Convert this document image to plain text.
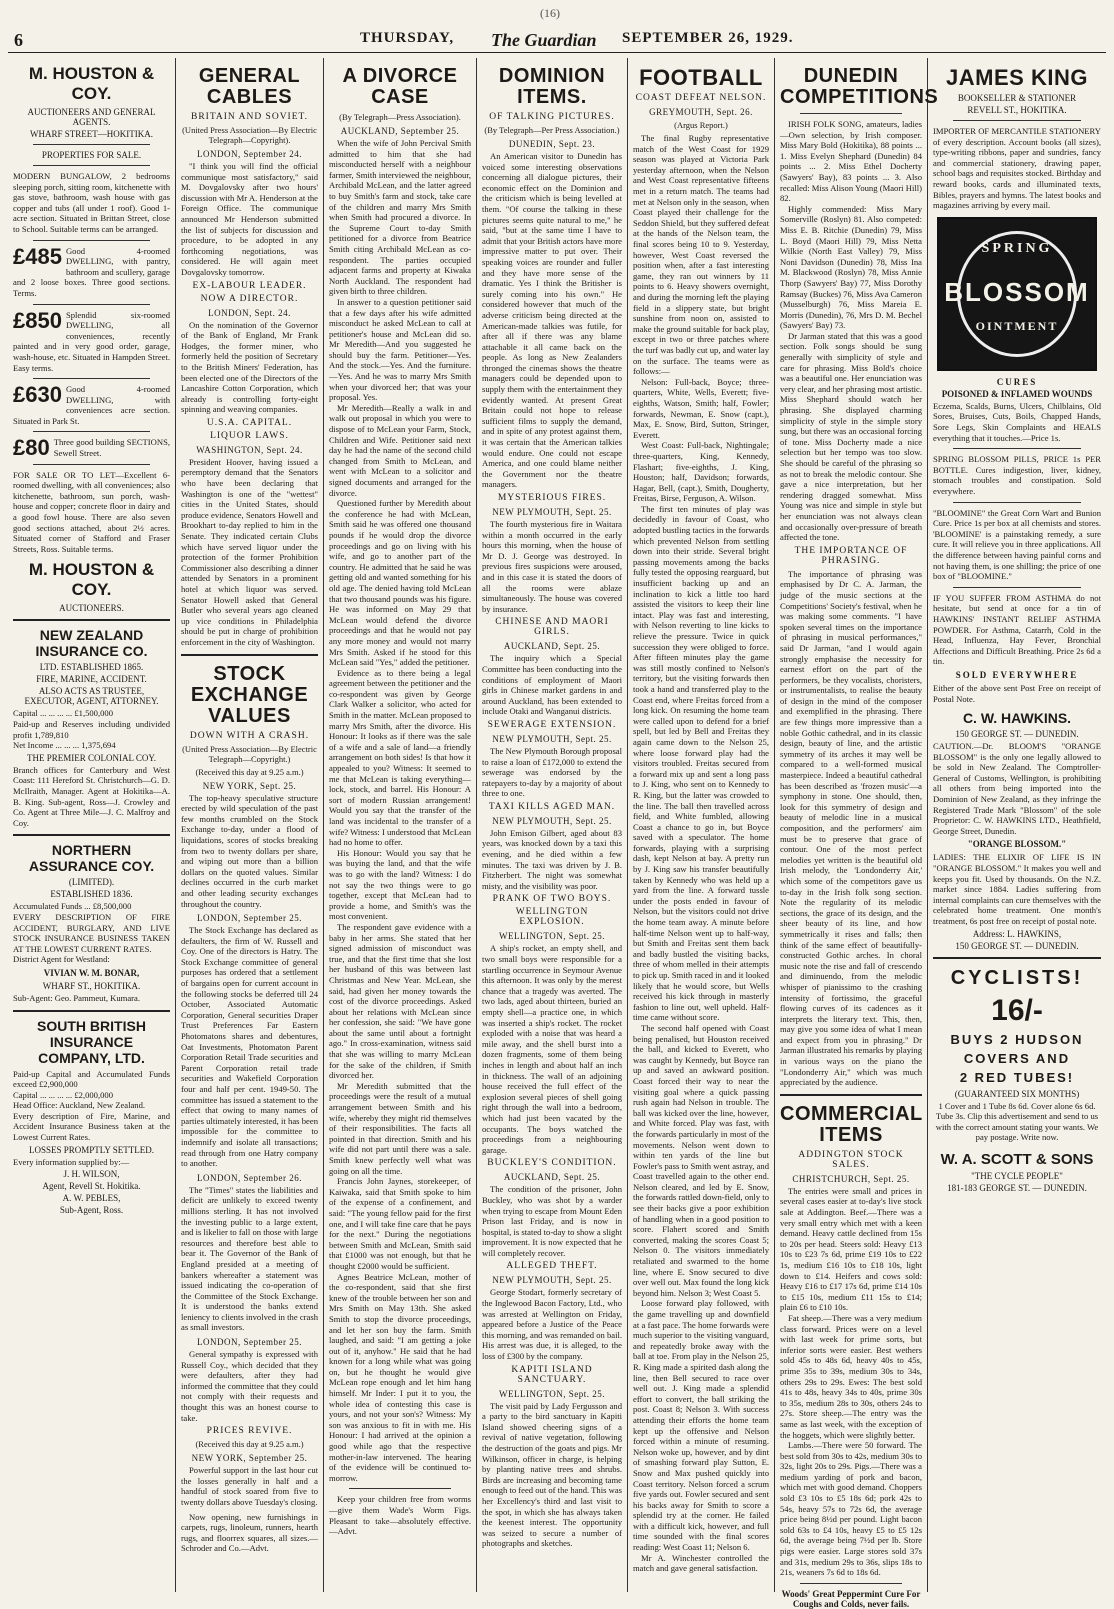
(16)
6	THURSDAY, The Guardian SEPTEMBER 26, 1929.
M. HOUSTON & COY.
AUCTIONEERS AND GENERAL AGENTS.
WHARF STREET—HOKITIKA.
PROPERTIES FOR SALE.

MODERN BUNGALOW, 2 bedrooms sleeping porch, sitting room, kitchenette with gas stove, bathroom, wash house with gas copper and tubs (all under 1 roof). Good 1-acre section. Situated in Brittan Street, close to School. Suitable terms can be arranged.

£485 Good 4-roomed DWELLING, with pantry, bathroom and scullery, garage and 2 loose boxes. Three good sections. Terms.

£850 Splendid six-roomed DWELLING, all conveniences, recently painted and in very good order, garage, wash-house, etc. Situated in Hampden Street. Easy terms.

£630 Good 4-roomed DWELLING, with conveniences acre section. Situated in Park St.

£80 Three good building SECTIONS, Sewell Street.

FOR SALE OR TO LET—Excellent 6-roomed dwelling, with all conveniences; also kitchenette, bathroom, sun porch, wash-house and copper; concrete floor in dairy and a good fowl house. There are also seven good sections attached, about 2½ acres. Situated corner of Stafford and Fraser Streets, Ross. Suitable terms.

M. HOUSTON & COY.
AUCTIONEERS.
NEW ZEALAND INSURANCE CO.
LTD. ESTABLISHED 1865.
FIRE, MARINE, ACCIDENT.
ALSO ACTS AS TRUSTEE, EXECUTOR, AGENT, ATTORNEY.

Capital ... ... ... ... £1,500,000

Paid-up and Reserves including undivided profit 1,789,810

Net Income ... ... ... 1,375,694

THE PREMIER COLONIAL COY.

Branch offices for Canterbury and West Coast: 111 Hereford St. Christchurch—G. D. McIlraith, Manager. Agent at Hokitika—A. B. King. Sub-agent, Ross—J. Crowley and Co. Agent at Three Mile—J. C. Malfroy and Coy.

NORTHERN ASSURANCE COY.
(LIMITED).
ESTABLISHED 1836.

Accumulated Funds ... £8,500,000

EVERY DESCRIPTION OF FIRE ACCIDENT, BURGLARY, AND LIVE STOCK INSURANCE BUSINESS TAKEN AT THE LOWEST CURRENT RATES.

District Agent for Westland:

VIVIAN W. M. BONAR,
WHARF ST., HOKITIKA.

Sub-Agent: Geo. Pammeut, Kumara.

SOUTH BRITISH INSURANCE COMPANY, LTD.

Paid-up Capital and Accumulated Funds exceed £2,900,000

Capital ... ... ... ... £2,000,000

Head Office: Auckland, New Zealand.

Every description of Fire, Marine, and Accident Insurance Business taken at the Lowest Current Rates.

LOSSES PROMPTLY SETTLED.

Every information supplied by:—

J. H. WILSON,
Agent, Revell St. Hokitika.
A. W. PEBLES,
Sub-Agent, Ross.
GENERAL CABLES
BRITAIN AND SOVIET.
(United Press Association—By Electric Telegraph—Copyright).
LONDON, September 24.

"I think you will find the official communique most satisfactory," said M. Dovgalovsky after two hours' discussion with Mr A. Henderson at the Foreign Office. The communique announced Mr Henderson submitted the list of subjects for discussion and procedure, to be adopted in any forthcoming negotiations, was considered. He will again meet Dovgalovsky tomorrow.

EX-LABOUR LEADER.
NOW A DIRECTOR.
LONDON, Sept. 24.

On the nomination of the Governor of the Bank of England, Mr Frank Hodges, the former miner, who formerly held the position of Secretary to the British Miners' Federation, has been elected one of the Directors of the Lancashire Cotton Corporation, which already is controlling forty-eight spinning and weaving companies.

U.S.A. CAPITAL.
LIQUOR LAWS.
WASHINGTON, Sept. 24.

President Hoover, having issued a peremptory demand that the Senators who have been declaring that Washington is one of the "wettest" cities in the United States, should produce evidence, Senators Howell and Brookhart to-day replied to him in the Senate. They indicated certain Clubs which have served liquor under the protection of the former Prohibition Commissioner also describing a dinner attended by Senators in a prominent hotel at which liquor was served. Senator Howell asked that General Butler who several years ago cleaned up vice conditions in Philadelphia should be put in charge of prohibition enforcement in the city of Washington.

STOCK EXCHANGE VALUES
DOWN WITH A CRASH.
(United Press Association—By Electric Telegraph—Copyright.)
(Received this day at 9.25 a.m.)
NEW YORK, Sept. 25.

The top-heavy speculative structure erected by wild speculation of the past few months crumbled on the Stock Exchange to-day, under a flood of liquidations, scores of stocks breaking from two to twenty dollars per share, and wiping out more than a billion dollars on the quoted values. Similar declines occurred in the curb market and other leading security exchanges throughout the country.

LONDON, September 25.

The Stock Exchange has declared as defaulters, the firm of W. Russell and Coy. One of the directors is Hatry. The Stock Exchange committee of general purposes has ordered that a settlement of bargains open for current account in the following stocks be deferred till 24 October, Associated Automatic Corporation, General securities Draper Trust Preferences Far Eastern Photomatons shares and debentures, Oat Investments, Photomaton Parent Corporation Retail Trade securities and Parent Corporation retail trade securities and Wakefield Corporation four and half per cent. 1949-50. The committee has issued a statement to the effect that owing to many names of parties ultimately interested, it has been impossible for the committee to indemnify and isolate all transactions; read through from one Hatry company to another.

LONDON, September 26.

The "Times" states the liabilities and deficit are unlikely to exceed twenty millions sterling. It has not involved the investing public to a large extent, and is likelier to fall on those with large resources and therefore best able to bear it. The Governor of the Bank of England presided at a meeting of bankers whereafter a statement was issued indicating the co-operation of the Committee of the Stock Exchange. It is understood the banks extend leniency to clients involved in the crash as small investors.

LONDON, September 25.

General sympathy is expressed with Russell Coy., which decided that they were defaulters, after they had informed the committee that they could not comply with their requests and thought this was an honest course to take.

PRICES REVIVE.
(Received this day at 9.25 a.m.)
NEW YORK, September 25.

Powerful support in the last hour cut the losses generally in half and a handful of stock soared from five to twenty dollars above Tuesday's closing.

Now opening, new furnishings in carpets, rugs, linoleum, runners, hearth rugs, and floorrex squares, all sizes.—Schroder and Co.—Advt.

A DIVORCE CASE
(By Telegraph—Press Association).
AUCKLAND, September 25.

When the wife of John Percival Smith admitted to him that she had misconducted herself with a neighbour farmer, Smith interviewed the neighbour, Archibald McLean, and the latter agreed to buy Smith's farm and stock, take care of the children and marry Mrs Smith when Smith had procured a divorce. In the Supreme Court to-day Smith petitioned for a divorce from Beatrice Smith citing Archibald McLean as co-respondent. The parties occupied adjacent farms and property at Kiwaka North Auckland. The respondent had given birth to three children.

In answer to a question petitioner said that a few days after his wife admitted misconduct he asked McLean to call at petitioner's house and McLean did so. Mr Meredith—And you suggested he should buy the farm. Petitioner—Yes. And the stock.—Yes. And the furniture.—Yes. And he was to marry Mrs Smith when your divorced her; that was your proposal. Yes.

Mr Meredith—Really a walk in and walk out proposal in which you were to dispose of to McLean your Farm, Stock, Children and Wife. Petitioner said next day he had the name of the second child changed from Smith to McLean, and went with McLean to a solicitor and signed documents and arranged for the divorce.

Questioned further by Meredith about the conference he had with McLean, Smith said he was offered one thousand pounds if he would drop the divorce proceedings and go on living with his wife, and go to another part of the country. He admitted that he said he was getting old and wanted something for his old age. The denied having told McLean that two thousand pounds was his figure. He was informed on May 29 that McLean would defend the divorce proceedings and that he would not pay any more money and would not marry Mrs Smith. Asked if he stood for this McLean said "Yes," added the petitioner.

Evidence as to there being a legal agreement between the petitioner and the co-respondent was given by George Clark Walker a solicitor, who acted for Smith in the matter. McLean proposed to marry Mrs Smith, after the divorce. His Honour: It looks as if there was the sale of a wife and a sale of land—a friendly arrangement on both sides! Is that how it appealed to you? Witness: It seemed to me that McLean is taking everything—lock, stock, and barrel. His Honour: A sort of modern Russian arrangement! Would you say that the transfer of the land was incidental to the transfer of a wife? Witness: I understood that McLean had no home to offer.

His Honour: Would you say that he was buying the land, and that the wife was to go with the land? Witness: I do not say the two things were to go together, except that McLean had to provide a home, and Smith's was the most convenient.

The respondent gave evidence with a baby in her arms. She stated that her signed admission of misconduct was true, and that the first time that she lost her husband of this was between last Christmas and New Year. McLean, she said, had given her money towards the cost of the divorce proceedings. Asked about her relations with McLean since her confession, she said: "We have gone about the same until about a fortnight ago." In cross-examination, witness said that she was willing to marry McLean for the sake of the children, if Smith divorced her.

Mr Meredith submitted that the proceedings were the result of a mutual arrangement between Smith and his wife, whereby they might rid themselves of their responsibilities. The facts all pointed in that direction. Smith and his wife did not part until there was a sale. Smith knew perfectly well what was going on all the time.

Francis John Jaynes, storekeeper, of Kaiwaka, said that Smith spoke to him of the expense of a confinement, and said: "The young fellow paid for the first one, and I will take fine care that he pays for the next." During the negotiations between Smith and McLean, Smith said that £1000 was not enough, but that he thought £2000 would be sufficient.

Agnes Beatrice McLean, mother of the co-respondent, said that she first knew of the trouble between her son and Mrs Smith on May 13th. She asked Smith to stop the divorce proceedings, and let her son buy the farm. Smith laughed, and said: "I am getting a joke out of it, anyhow." He said that he had known for a long while what was going on, but he thought he would give McLean rope enough and let him hang himself. Mr Inder: I put it to you, the whole idea of contesting this case is yours, and not your son's? Witness: My son was anxious to fit in with me. His Honour: I had arrived at the opinion a good while ago that the respective mother-in-law intervened. The hearing of the evidence will be continued to-morrow.

Keep your children free from worms —give them Wade's Worm Figs. Pleasant to take—absolutely effective. —Advt.

DOMINION ITEMS.
OF TALKING PICTURES.
(By Telegraph—Per Press Association.)
DUNEDIN, Sept. 23.

An American visitor to Dunedin has voiced some interesting observations concerning all dialogue pictures, their economic effect on the Dominion and the criticism which is being levelled at them. "Of course the talking in these pictures seems quite natural to me," he said, "but at the same time I have to admit that your British actors have more impressive matter to put over. Their speaking voices are rounder and fuller and they have more sense of the dramatic. Yes I think the Britisher is surely coming into his own." He considered however that much of the adverse criticism being directed at the American-made talkies was futile, for after all if there was any blame attachable it all came back on the people. As long as New Zealanders thronged the cinemas shows the theatre managers could be depended upon to supply them with the entertainment they evidently wanted. At present Great Britain could not hope to release sufficient films to supply the demand, and in spite of any protest against them, it was certain that the American talkies would endure. One could not escape America, and one could blame neither the Government nor the theatre managers.

MYSTERIOUS FIRES.
NEW PLYMOUTH, Sept. 25.

The fourth mysterious fire in Waitara within a month occurred in the early hours this morning, when the house of Mr D. J. George was destroyed. In previous fires suspicions were aroused, and in this case it is stated the doors of all the rooms were ablaze simultaneously. The house was covered by insurance.

CHINESE AND MAORI GIRLS.
AUCKLAND, Sept. 25.

The inquiry which a Special Committee has been conducting into the conditions of employment of Maori girls in Chinese market gardens in and around Auckland, has been extended to include Otaki and Wanganui districts.

SEWERAGE EXTENSION.
NEW PLYMOUTH, Sept. 25.

The New Plymouth Borough proposal to raise a loan of £172,000 to extend the sewerage was endorsed by the ratepayers to-day by a majority of about three to one.

TAXI KILLS AGED MAN.
NEW PLYMOUTH, Sept. 25.

John Emison Gilbert, aged about 83 years, was knocked down by a taxi this evening, and he died within a few minutes. The taxi was driven by J. B. Fitzherbert. The night was somewhat misty, and the visibility was poor.

PRANK OF TWO BOYS.
WELLINGTON EXPLOSION.
WELLINGTON, Sept. 25.

A ship's rocket, an empty shell, and two small boys were responsible for a startling occurrence in Seymour Avenue this afternoon. It was only by the merest chance that a tragedy was averted. The two lads, aged about thirteen, buried an empty shell—a practice one, in which was inserted a ship's rocket. The rocket exploded with a noise that was heard a mile away, and the shell burst into a dozen fragments, some of them being inches in length and about half an inch in thickness. The wall of an adjoining house received the full effect of the explosion several pieces of shell going right through the wall into a bedroom, which had just been vacated by the occupants. The boys watched the proceedings from a neighbouring garage.

BUCKLEY'S CONDITION.
AUCKLAND, Sept. 25.

The condition of the prisoner, John Buckley, who was shot by a warder when trying to escape from Mount Eden Prison last Friday, and is now in hospital, is stated to-day to show a slight improvement. It is now expected that he will completely recover.

ALLEGED THEFT.
NEW PLYMOUTH, Sept. 25.

George Stodart, formerly secretary of the Inglewood Bacon Factory, Ltd., who was arrested at Wellington on Friday, appeared before a Justice of the Peace this morning, and was remanded on bail. His arrest was due, it is alleged, to the loss of £300 by the company.

KAPITI ISLAND SANCTUARY.
WELLINGTON, Sept. 25.

The visit paid by Lady Fergusson and a party to the bird sanctuary in Kapiti Island showed cheering signs of a revival of native vegetation, following the destruction of the goats and pigs. Mr Wilkinson, officer in charge, is helping by planting native trees and shrubs. Birds are increasing and becoming tame enough to feed out of the hand. This was her Excellency's third and last visit to the spot, in which she has always taken the keenest interest. The opportunity was seized to secure a number of photographs and sketches.

FOOTBALL
COAST DEFEAT NELSON.
GREYMOUTH, Sept. 26.
(Argus Report.)

The final Rugby representative match of the West Coast for 1929 season was played at Victoria Park yesterday afternoon, when the Nelson and West Coast representative fifteens met in a return match. The teams had met at Nelson only in the season, when Coast played their challenge for the Seddon Shield, but they suffered defeat at the hands of the Nelson team, the final scores being 10 to 9. Yesterday, however, West Coast reversed the position when, after a fast interesting game, they ran out winners by 11 points to 6. Heavy showers overnight, and during the morning left the playing field in a slippery state, but bright sunshine from noon on, assisted to make the ground suitable for back play, except in two or three patches where the turf was badly cut up, and water lay on the surface. The teams were as follows:—

Nelson: Full-back, Boyce; three-quarters, White, Wells, Everett; five-eighths, Watson, Smith; half, Fowler; forwards, Newman, E. Snow (capt.), Max, E. Snow, Bird, Sutton, Stringer, Everett.

West Coast: Full-back, Nightingale; three-quarters, King, Kennedy, Flashart; five-eighths, J. King, Houston; half, Davidson; forwards, Hagar, Bell, (capt.), Smith, Dougherty, Freitas, Birse, Ferguson, A. Wilson.

The first ten minutes of play was decidedly in favour of Coast, who adopted bustling tactics in the forwards which prevented Nelson from settling down into their stride. Several bright passing movements among the backs fully tested the opposing rearguard, but insufficient backing up and an inclination to kick a little too hard assisted the visitors to keep their line intact. Play was fast and interesting, with Nelson reverting to line kicks to relieve the pressure. Twice in quick succession they were obliged to force. After fifteen minutes play the game was still mostly confined to Nelson's territory, but the visiting forwards then took a hand and transferred play to the Coast end, where Freitas forced from a long kick. On resuming the home team were called upon to defend for a brief spell, but led by Bell and Freitas they again came down to the Nelson 25, where loose forward play had the visitors troubled. Freitas secured from a forward mix up and sent a long pass to J. King, who sent on to Kennedy to R. King, but the latter was crowded to the line. The ball then travelled across field, and White fumbled, allowing Coast a chance to go in, but Boyce saved with a speculator. The home forwards, playing with a surprising dash, kept Nelson at bay. A pretty run by J. King saw his transfer beautifully taken by Kennedy who was held up a yard from the line. A forward tussle under the posts ended in favour of Nelson, but the visitors could not drive the home team away. A minute before half-time Nelson went up to half-way, but Smith and Freitas sent them back and badly bustled the visiting backs, three of whom melled in their attempts to pick up. Smith raced in and it looked likely that he would score, but Wells received his kick through in masterly fashion to line out, well upheld. Half-time came without score.

The second half opened with Coast being penalised, but Houston received the ball, and kicked to Everett, who was caught by Kennedy, but Boyce ran up and saved an awkward position. Coast forced their way to near the visiting goal where a quick passing rush again had Nelson in trouble. The ball was kicked over the line, however, and White forced. Play was fast, with the forwards particularly in most of the movements. Nelson went down to within ten yards of the line but Fowler's pass to Smith went astray, and Coast travelled again to the other end. Nelson cleared, and led by E. Snow, the forwards rattled down-field, only to see their backs give a poor exhibition of handling when in a good position to score. Flahert scored and Smith converted, making the scores Coast 5; Nelson 0. The visitors immediately retaliated and swarmed to the home line, where E. Snow secured to dive over well out. Max found the long kick beyond him. Nelson 3; West Coast 5.

Loose forward play followed, with the game travelling up and downfield at a fast pace. The home forwards were much superior to the visiting vanguard, and repeatedly broke away with the ball at toe. From play in the Nelson 25, R. King made a spirited dash along the line, then Bell secured to race over well out. J. King made a splendid effort to convert, the ball striking the post. Coast 8; Nelson 3. With success attending their efforts the home team kept up the offensive and Nelson forced within a minute of resuming. Nelson woke up, however, and by dint of smashing forward play Sutton, E. Snow and Max pushed quickly into Coast territory. Nelson forced a scrum five yards out. Fowler secured and sent his backs away for Smith to score a splendid try at the corner. He failed with a difficult kick, however, and full time sounded with the final scores reading: West Coast 11; Nelson 6.

Mr A. Winchester controlled the match and gave general satisfaction.

DUNEDIN COMPETITIONS

IRISH FOLK SONG, amateurs, ladies—Own selection, by Irish composer. Miss Mary Bold (Hokitika), 88 points ... 1. Miss Evelyn Shephard (Dunedin) 84 points ... 2. Miss Ethel Docherty (Sawyers' Bay), 83 points ... 3. Also recalled: Miss Alison Young (Maori Hill) 82.

Highly commended: Miss Mary Somerville (Roslyn) 81. Also competed: Miss E. B. Ritchie (Dunedin) 79, Miss L. Boyd (Maori Hill) 79, Miss Netta Wilkie (North East Valley) 79, Miss Noni Davidson (Dunedin) 78, Miss Ina M. Blackwood (Roslyn) 78, Miss Annie Thorp (Sawyers' Bay) 77, Miss Dorothy Ramsay (Buckes) 76, Miss Ava Cameron (Musselburgh) 76, Miss Mareia E. Morris (Dunedin), 76, Mrs D. M. Bechel (Sawyers' Bay) 73.

Dr Jarman stated that this was a good section. Folk songs should be sung generally with simplicity of style and care for phrasing. Miss Bold's choice was a beautiful one. Her enunciation was very clear, and her phrasing most artistic. Miss Shephard should watch her phrasing. She displayed charming simplicity of style in the simple story sung, but there was an occasional forcing of tone. Miss Docherty made a nice selection but her tempo was too slow. She should be careful of the phrasing so as not to break the melodic contour. She gave a nice interpretation, but her rendering dragged somewhat. Miss Young was nice and simple in style but her enunciation was not always clean and occasionally over-pressure of breath affected the tone.

THE IMPORTANCE OF PHRASING.

The importance of phrasing was emphasised by Dr C. A. Jarman, the judge of the music sections at the Competitions' Society's festival, when he was making some comments. "I have spoken several times on the importance of phrasing in musical performances," said Dr Jarman, "and I would again strongly emphasise the necessity for earnest effort on the part of the performers, be they vocalists, choristers, or instrumentalists, to realise the beauty of design in the mind of the composer and exemplified in the phrasing. There are few things more impressive than a noble Gothic cathedral, and in its classic design, beauty of line, and the artistic symmetry of its arches it may well be compared to a well-formed musical masterpiece. Indeed a beautiful cathedral has been described as 'frozen music'—a symphony in stone. One should, then, look for this symmetry of design and beauty of melodic line in a musical composition, and the performers' aim must be to preserve that grace of contour. One of the most perfect melodies yet written is the beautiful old Irish melody, the 'Londonderry Air,' which some of the competitors gave us to-day in the Irish folk song section. Note the regularity of its melodic sections, the grace of its design, and the sheer beauty of its line, and how symmetrically it rises and falls; then think of the same effect of beautifully-constructed Gothic arches. In choral music note the rise and fall of crescendo and diminuendo, from the melodic whisper of pianissimo to the crashing intensity of fortissimo, the graceful flowing curves of its cadences as it interprets the literary text. This, then, may give you some idea of what I mean and expect from you in phrasing." Dr Jarman illustrated his remarks by playing in various ways on the piano the "Londonderry Air," which was much appreciated by the audience.

COMMERCIAL ITEMS
ADDINGTON STOCK SALES.
CHRISTCHURCH, Sept. 25.

The entries were small and prices in several cases easier at to-day's live stock sale at Addington. Beef.—There was a very small entry which met with a keen demand. Heavy cattle declined from 15s to 20s per head. Steers sold: Heavy £13 10s to £23 7s 6d, prime £19 10s to £22 1s, medium £16 10s to £18 10s, light down to £14. Heifers and cows sold: Heavy £16 to £17 17s 6d, prime £14 10s to £15 10s, medium £11 15s to £14; plain £6 to £10 10s.

Fat sheep.—There was a very medium class forward. Prices were on a level with last week for prime sorts, but inferior sorts were easier. Best wethers sold 45s to 48s 6d, heavy 40s to 45s, prime 35s to 39s, medium 30s to 34s, others 29s to 29s. Ewes: The best sold 41s to 48s, heavy 34s to 40s, prime 30s to 35s, medium 28s to 30s, others 24s to 27s. Store sheep.—The entry was the same as last week, with the exception of the hoggets, which were slightly better.

Lambs.—There were 50 forward. The best sold from 30s to 42s, medium 30s to 32s, light 20s to 29s. Pigs.—There was a medium yarding of pork and bacon, which met with good demand. Choppers sold £3 10s to £5 18s 6d; pork 42s to 54s, heavy 57s to 72s 6d, the average price being 8½d per pound. Light bacon sold 63s to £4 10s, heavy £5 to £5 12s 6d, the average being 7½d per lb. Store pigs were easier. Large stores sold 37s and 31s, medium 29s to 36s, slips 18s to 21s, weaners 7s 6d to 18s 6d.

Woods' Great Peppermint Cure For Coughs and Colds, never fails.
JAMES KING
BOOKSELLER & STATIONER
REVELL ST., HOKITIKA.

IMPORTER OF MERCANTILE STATIONERY of every description. Account books (all sizes), type-writing ribbons, paper and sundries, fancy and commercial stationery, drawing paper, school bags and requisites stocked. Birthday and reward books, cards and illuminated texts, Bibles, prayers and hymns. The latest books and magazines arriving by every mail.

SPRING
BLOSSOM
OINTMENT
CURES
POISONED & INFLAMED WOUNDS

Eczema, Scalds, Burns, Ulcers, Chilblains, Old Sores, Bruises, Cuts, Boils, Chapped Hands, Sore Legs, Skin Complaints and HEALS everything that it touches.—Price 1s.

SPRING BLOSSOM PILLS, PRICE 1s PER BOTTLE. Cures indigestion, liver, kidney, stomach troubles and constipation. Sold everywhere.

"BLOOMINE" the Great Corn Wart and Bunion Cure. Price 1s per box at all chemists and stores. 'BLOOMINE' is a painstaking remedy, a sure cure. It will relieve you in three applications. All the difference between having painful corns and not having them, is one shilling; the price of one box of "BLOOMINE."

IF YOU SUFFER FROM ASTHMA do not hesitate, but send at once for a tin of HAWKINS' INSTANT RELIEF ASTHMA POWDER. For Asthma, Catarrh, Cold in the Head, Influenza, Hay Fever, Bronchial Affections and Difficult Breathing. Price 2s 6d a tin.

SOLD EVERYWHERE

Either of the above sent Post Free on receipt of Postal Note.

C. W. HAWKINS.
150 GEORGE ST. — DUNEDIN.

CAUTION.—Dr. BLOOM'S "ORANGE BLOSSOM" is the only one legally allowed to be sold in New Zealand. The Comptroller-General of Customs, Wellington, is prohibiting all others from being imported into the Dominion of New Zealand, as they infringe the Registered Trade Mark "Blossom" of the sole Proprietor: C. W. HAWKINS LTD., Heathfield, George Street, Dunedin.

"ORANGE BLOSSOM."

LADIES: THE ELIXIR OF LIFE IS IN "ORANGE BLOSSOM." It makes you well and keeps you fit. Used by thousands. On the N.Z. market since 1884. Ladies suffering from internal complaints can cure themselves with the celebrated home treatment. One month's treatment, 6s post free on receipt of postal note.

Address: L. HAWKINS,
150 GEORGE ST. — DUNEDIN.
CYCLISTS!
16/-
BUYS 2 HUDSON
COVERS AND
2 RED TUBES!
(GUARANTEED SIX MONTHS)

1 Cover and 1 Tube 8s 6d. Cover alone 6s 6d. Tube 3s. Clip this advertisement and send to us with the correct amount stating your wants. We pay postage. Write now.

W. A. SCOTT & SONS
"THE CYCLE PEOPLE"
181-183 GEORGE ST. — DUNEDIN.
